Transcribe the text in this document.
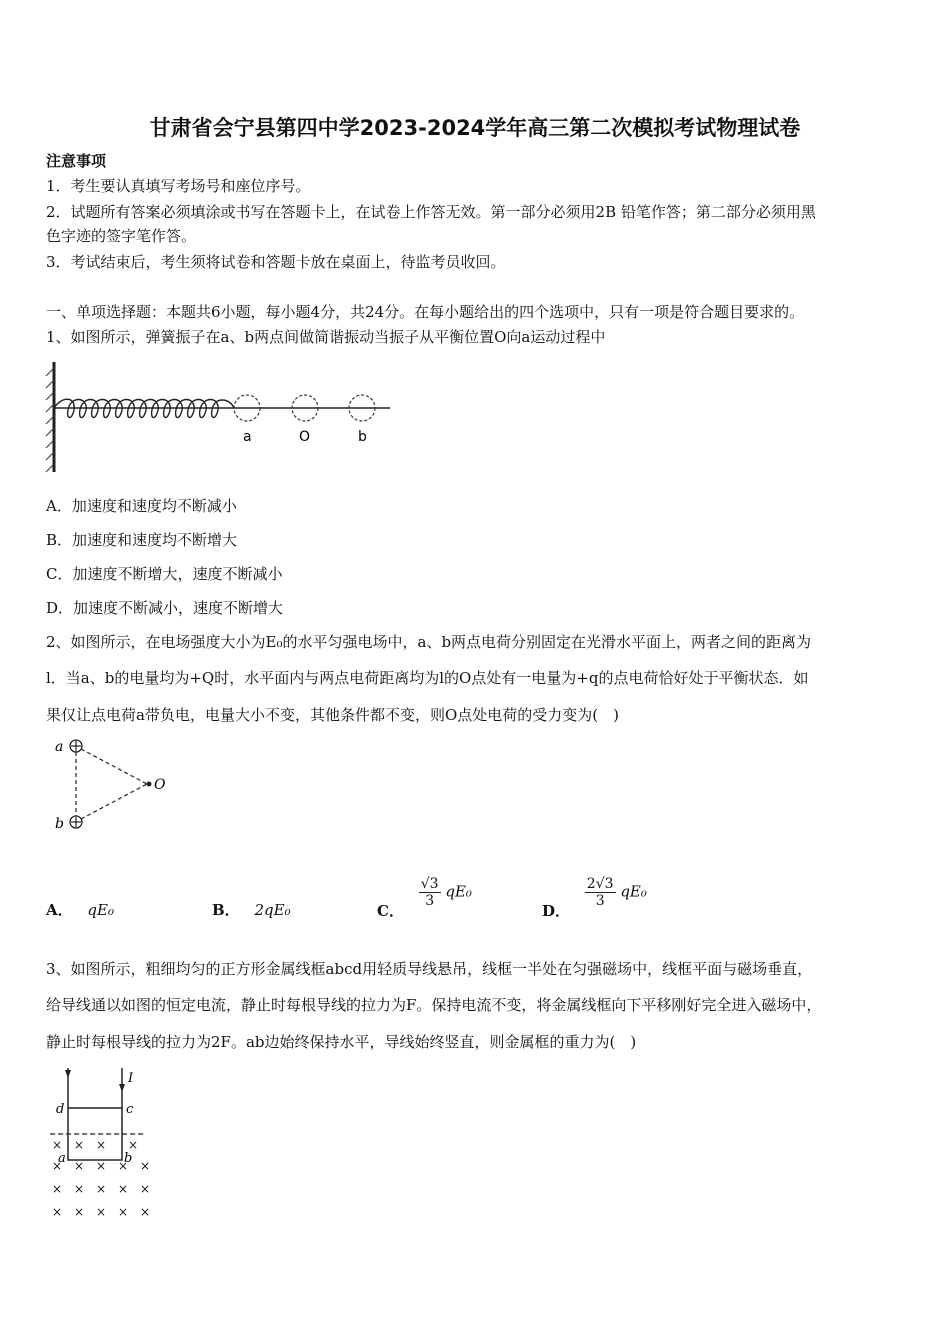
甘肃省会宁县第四中学2023-2024学年高三第二次模拟考试物理试卷
注意事项
1．考生要认真填写考场号和座位序号。
2．试题所有答案必须填涂或书写在答题卡上，在试卷上作答无效。第一部分必须用2B 铅笔作答；第二部分必须用黑
色字迹的签字笔作答。
3．考试结束后，考生须将试卷和答题卡放在桌面上，待监考员收回。
一、单项选择题：本题共6小题，每小题4分，共24分。在每小题给出的四个选项中，只有一项是符合题目要求的。
1、如图所示，弹簧振子在a、b两点间做简谐振动当振子从平衡位置O向a运动过程中
a	O	b
A．加速度和速度均不断减小
B．加速度和速度均不断增大
C．加速度不断增大，速度不断减小
D．加速度不断减小，速度不断增大
2、如图所示，在电场强度大小为E₀的水平匀强电场中，a、b两点电荷分别固定在光滑水平面上，两者之间的距离为
l．当a、b的电量均为+Q时，水平面内与两点电荷距离均为l的O点处有一电量为+q的点电荷恰好处于平衡状态．如
果仅让点电荷a带负电，电量大小不变，其他条件都不变，则O点处电荷的受力变为(　)
a
b
O
A． qE₀	B． 2qE₀	C．
$\frac{√3}{3} qE_0$
D．
$\frac{2√3}{3} qE_0$
3、如图所示，粗细均匀的正方形金属线框abcd用轻质导线悬吊，线框一半处在匀强磁场中，线框平面与磁场垂直，
给导线通以如图的恒定电流，静止时每根导线的拉力为F。保持电流不变，将金属线框向下平移刚好完全进入磁场中，
静止时每根导线的拉力为2F。ab边始终保持水平，导线始终竖直，则金属框的重力为(　)
I
d	c
a	b
× × × ×
× × × × ×
× × × × ×
× × × × ×
